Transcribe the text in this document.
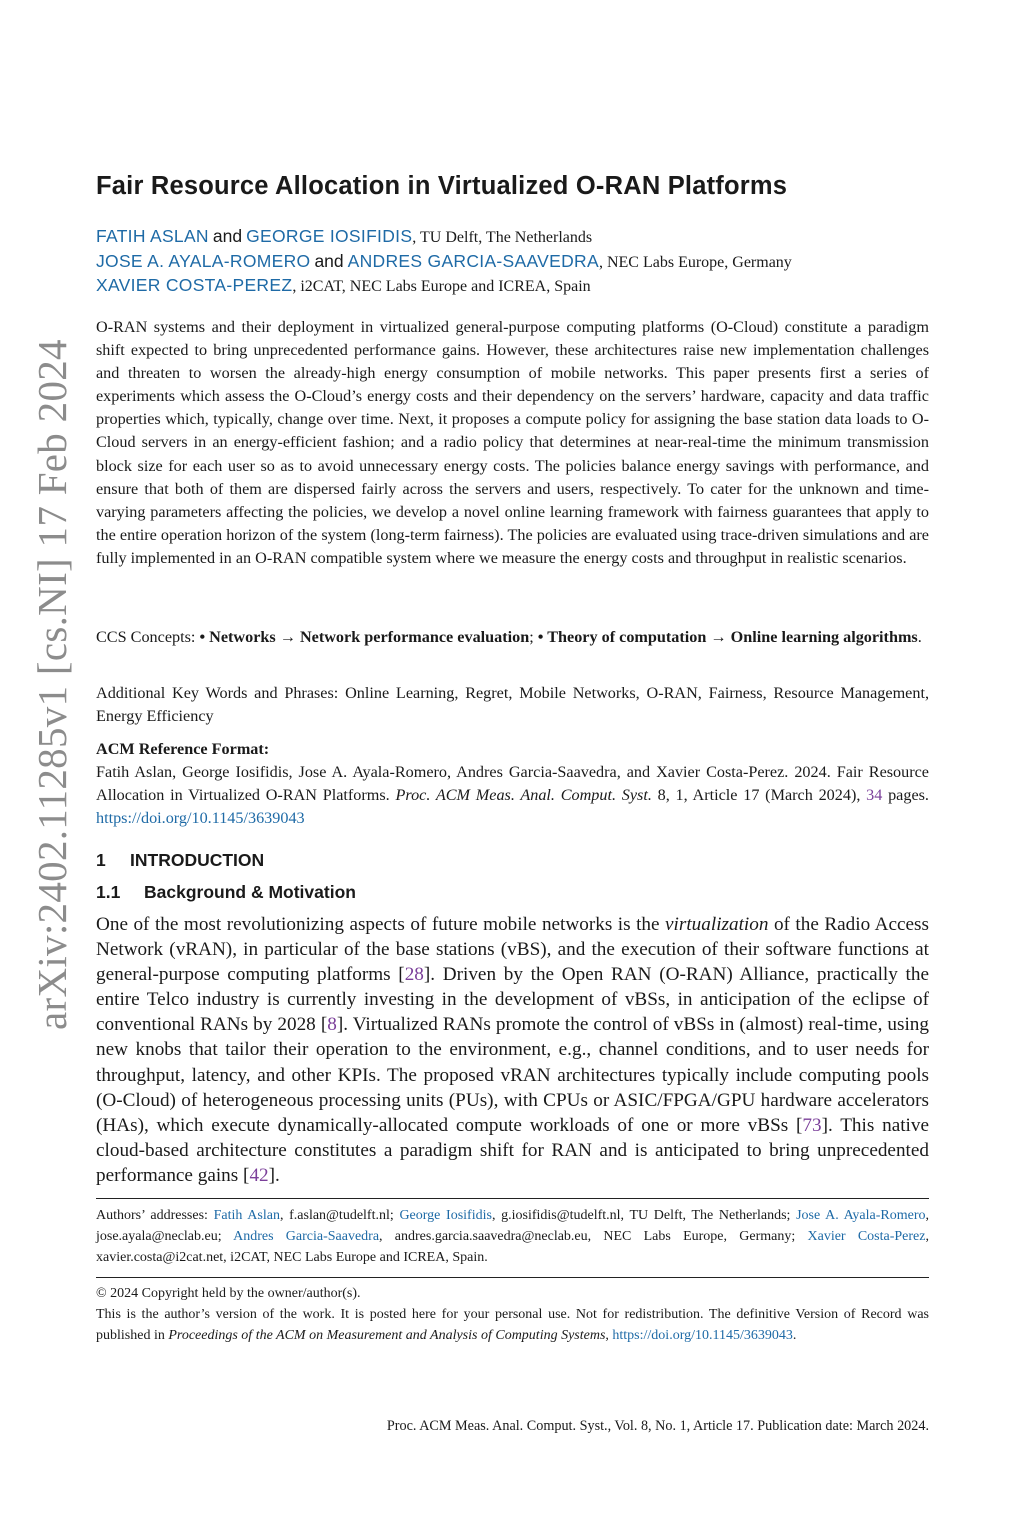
arXiv:2402.11285v1 [cs.NI] 17 Feb 2024
Fair Resource Allocation in Virtualized O-RAN Platforms
FATIH ASLAN and GEORGE IOSIFIDIS, TU Delft, The Netherlands
JOSE A. AYALA-ROMERO and ANDRES GARCIA-SAAVEDRA, NEC Labs Europe, Germany
XAVIER COSTA-PEREZ, i2CAT, NEC Labs Europe and ICREA, Spain

O-RAN systems and their deployment in virtualized general-purpose computing platforms (O-Cloud) constitute a paradigm shift expected to bring unprecedented performance gains. However, these architectures raise new implementation challenges and threaten to worsen the already-high energy consumption of mobile networks. This paper presents first a series of experiments which assess the O-Cloud’s energy costs and their dependency on the servers’ hardware, capacity and data traffic properties which, typically, change over time. Next, it proposes a compute policy for assigning the base station data loads to O-Cloud servers in an energy-efficient fashion; and a radio policy that determines at near-real-time the minimum transmission block size for each user so as to avoid unnecessary energy costs. The policies balance energy savings with performance, and ensure that both of them are dispersed fairly across the servers and users, respectively. To cater for the unknown and time-varying parameters affecting the policies, we develop a novel online learning framework with fairness guarantees that apply to the entire operation horizon of the system (long-term fairness). The policies are evaluated using trace-driven simulations and are fully implemented in an O-RAN compatible system where we measure the energy costs and throughput in realistic scenarios.

CCS Concepts: • Networks → Network performance evaluation; • Theory of computation → Online learning algorithms.

Additional Key Words and Phrases: Online Learning, Regret, Mobile Networks, O-RAN, Fairness, Resource Management, Energy Efficiency

ACM Reference Format:

Fatih Aslan, George Iosifidis, Jose A. Ayala-Romero, Andres Garcia-Saavedra, and Xavier Costa-Perez. 2024. Fair Resource Allocation in Virtualized O-RAN Platforms. Proc. ACM Meas. Anal. Comput. Syst. 8, 1, Article 17 (March 2024), 34 pages. https://doi.org/10.1145/3639043

1 INTRODUCTION
1.1 Background & Motivation

One of the most revolutionizing aspects of future mobile networks is the virtualization of the Radio Access Network (vRAN), in particular of the base stations (vBS), and the execution of their software functions at general-purpose computing platforms [28]. Driven by the Open RAN (O-RAN) Alliance, practically the entire Telco industry is currently investing in the development of vBSs, in anticipation of the eclipse of conventional RANs by 2028 [8]. Virtualized RANs promote the control of vBSs in (almost) real-time, using new knobs that tailor their operation to the environment, e.g., channel conditions, and to user needs for throughput, latency, and other KPIs. The proposed vRAN architectures typically include computing pools (O-Cloud) of heterogeneous processing units (PUs), with CPUs or ASIC/FPGA/GPU hardware accelerators (HAs), which execute dynamically-allocated compute workloads of one or more vBSs [73]. This native cloud-based architecture constitutes a paradigm shift for RAN and is anticipated to bring unprecedented performance gains [42].

Authors’ addresses: Fatih Aslan, f.aslan@tudelft.nl; George Iosifidis, g.iosifidis@tudelft.nl, TU Delft, The Netherlands; Jose A. Ayala-Romero, jose.ayala@neclab.eu; Andres Garcia-Saavedra, andres.garcia.saavedra@neclab.eu, NEC Labs Europe, Germany; Xavier Costa-Perez, xavier.costa@i2cat.net, i2CAT, NEC Labs Europe and ICREA, Spain.

© 2024 Copyright held by the owner/author(s).

This is the author’s version of the work. It is posted here for your personal use. Not for redistribution. The definitive Version of Record was published in Proceedings of the ACM on Measurement and Analysis of Computing Systems, https://doi.org/10.1145/3639043.

Proc. ACM Meas. Anal. Comput. Syst., Vol. 8, No. 1, Article 17. Publication date: March 2024.
